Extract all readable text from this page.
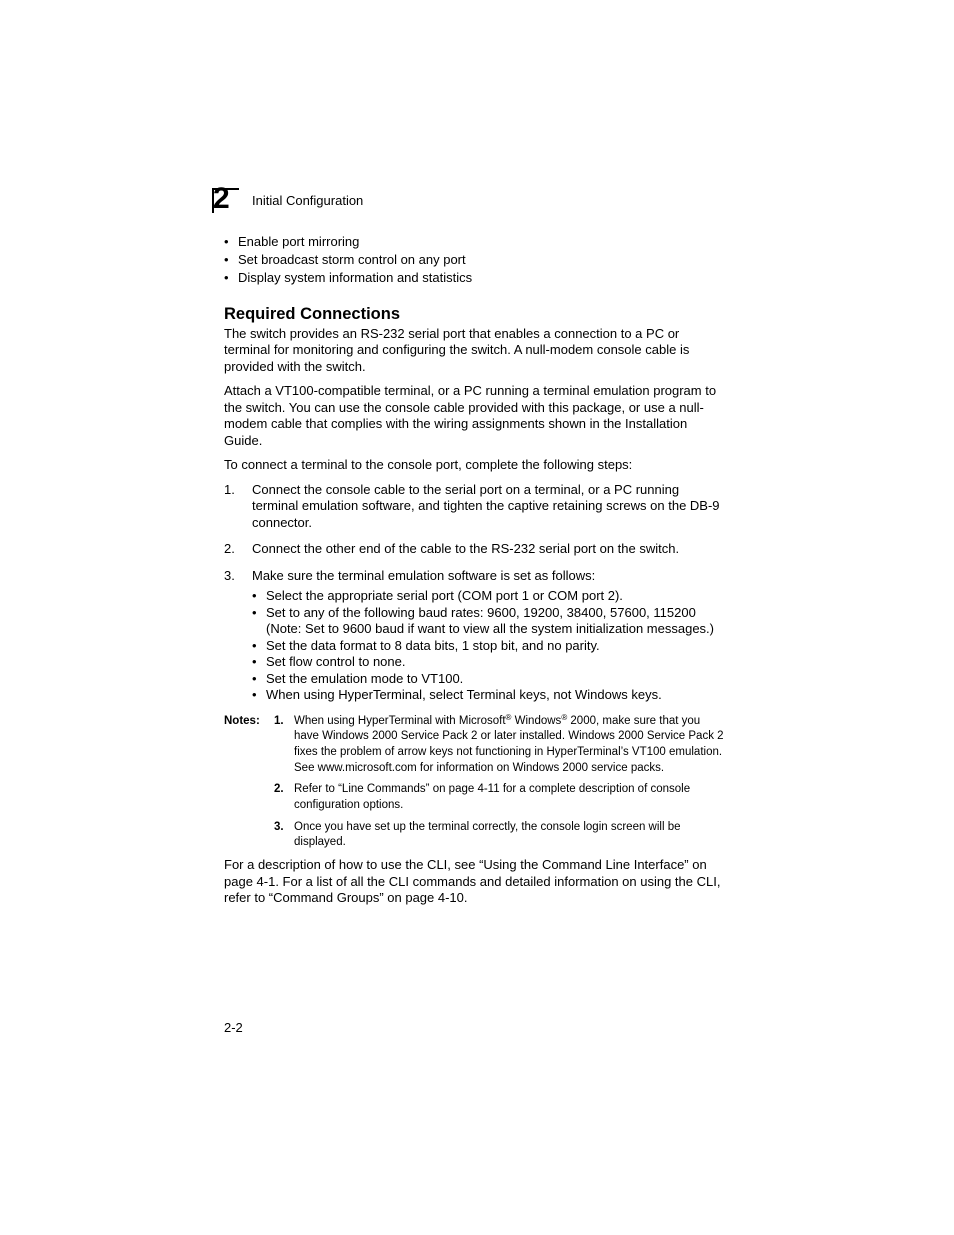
2 Initial Configuration
• Enable port mirroring
• Set broadcast storm control on any port
• Display system information and statistics
Required Connections

The switch provides an RS-232 serial port that enables a connection to a PC or terminal for monitoring and configuring the switch. A null-modem console cable is provided with the switch.

Attach a VT100-compatible terminal, or a PC running a terminal emulation program to the switch. You can use the console cable provided with this package, or use a null-modem cable that complies with the wiring assignments shown in the Installation Guide.

To connect a terminal to the console port, complete the following steps:

1. Connect the console cable to the serial port on a terminal, or a PC running terminal emulation software, and tighten the captive retaining screws on the DB-9 connector.
2. Connect the other end of the cable to the RS-232 serial port on the switch.
3. Make sure the terminal emulation software is set as follows:
• Select the appropriate serial port (COM port 1 or COM port 2).
• Set to any of the following baud rates: 9600, 19200, 38400, 57600, 115200 (Note: Set to 9600 baud if want to view all the system initialization messages.)
• Set the data format to 8 data bits, 1 stop bit, and no parity.
• Set flow control to none.
• Set the emulation mode to VT100.
• When using HyperTerminal, select Terminal keys, not Windows keys.
Notes: 1. When using HyperTerminal with Microsoft® Windows® 2000, make sure that you have Windows 2000 Service Pack 2 or later installed. Windows 2000 Service Pack 2 fixes the problem of arrow keys not functioning in HyperTerminal’s VT100 emulation. See www.microsoft.com for information on Windows 2000 service packs.
2. Refer to “Line Commands” on page 4-11 for a complete description of console configuration options.
3. Once you have set up the terminal correctly, the console login screen will be displayed.

For a description of how to use the CLI, see “Using the Command Line Interface” on page 4-1. For a list of all the CLI commands and detailed information on using the CLI, refer to “Command Groups” on page 4-10.

2-2
